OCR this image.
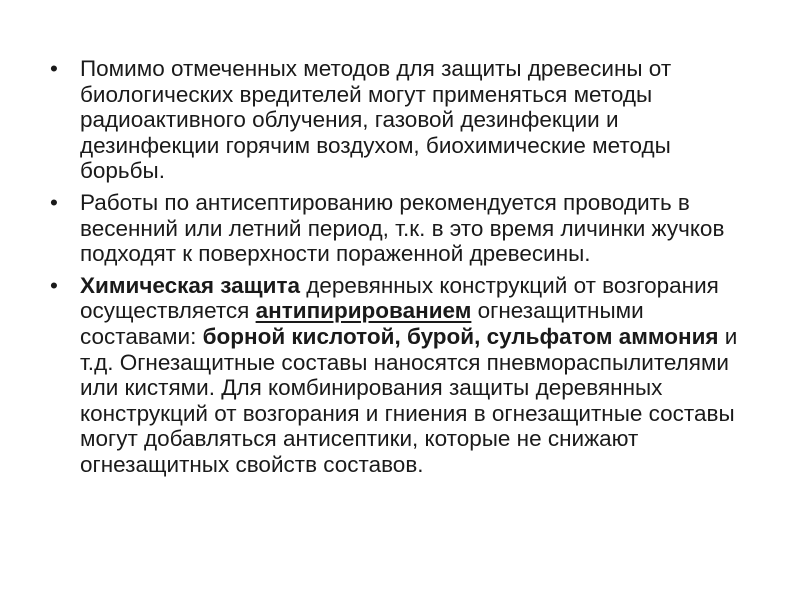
• Помимо отмеченных методов для защиты древесины от биологических вредителей могут применяться методы радиоактивного облучения, газовой дезинфекции и дезинфекции горячим воздухом, биохимические методы борьбы.
• Работы по антисептированию рекомендуется проводить в весенний или летний период, т.к. в это время личинки жучков подходят к поверхности пораженной древесины.
• Химическая защита деревянных конструкций от возгорания осуществляется антипирированием огнезащитными составами: борной кислотой, бурой, сульфатом аммония и т.д. Огнезащитные составы наносятся пневмораспылителями или кистями. Для комбинирования защиты деревянных конструкций от возгорания и гниения в огнезащитные составы могут добавляться антисептики, которые не снижают огнезащитных свойств составов.
